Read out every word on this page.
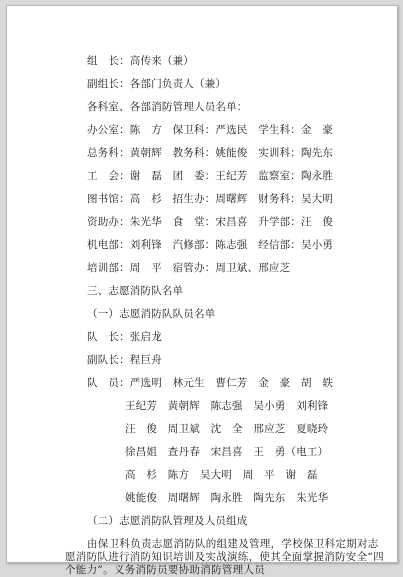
组　长：高传来（兼）
副组长：各部门负责人（兼）
各科室、各部消防管理人员名单：
办公室：陈　方　保卫科：严选民　学生科：金　豪
总务科：黄朝辉　教务科：姚能俊　实训科：陶先东
工　会：谢　磊　团　委：王纪芳　监察室：陶永胜
图书馆：高　杉　招生办：周曙辉　财务科：吴大明
资助办：朱光华　食　堂：宋昌喜　升学部：汪　俊
机电部：刘利锋　汽修部：陈志强　经信部：吴小勇
培训部：周　平　宿管办：周卫斌、邢应芝
三、志愿消防队名单
（一）志愿消防队队员名单
队　长：张启龙
副队长：程巨舟
队　员：严选明　林元生　曹仁芳　金　豪　胡　轶
王纪芳　黄朝辉　陈志强　吴小勇　刘利锋
汪　俊　周卫斌　沈　全　邢应芝　夏晓玲
徐昌姐　查丹春　宋昌喜　王　勇（电工）
高　杉　陈方　吴大明　周　平　谢　磊
姚能俊　周曙辉　陶永胜　陶先东　朱光华
（二）志愿消防队管理及人员组成
由保卫科负责志愿消防队的组建及管理，学校保卫科定期对志愿消防队进行消防知识培训及实战演练，使其全面掌握消防安全“四个能力”。义务消防员要协助消防管理人员
